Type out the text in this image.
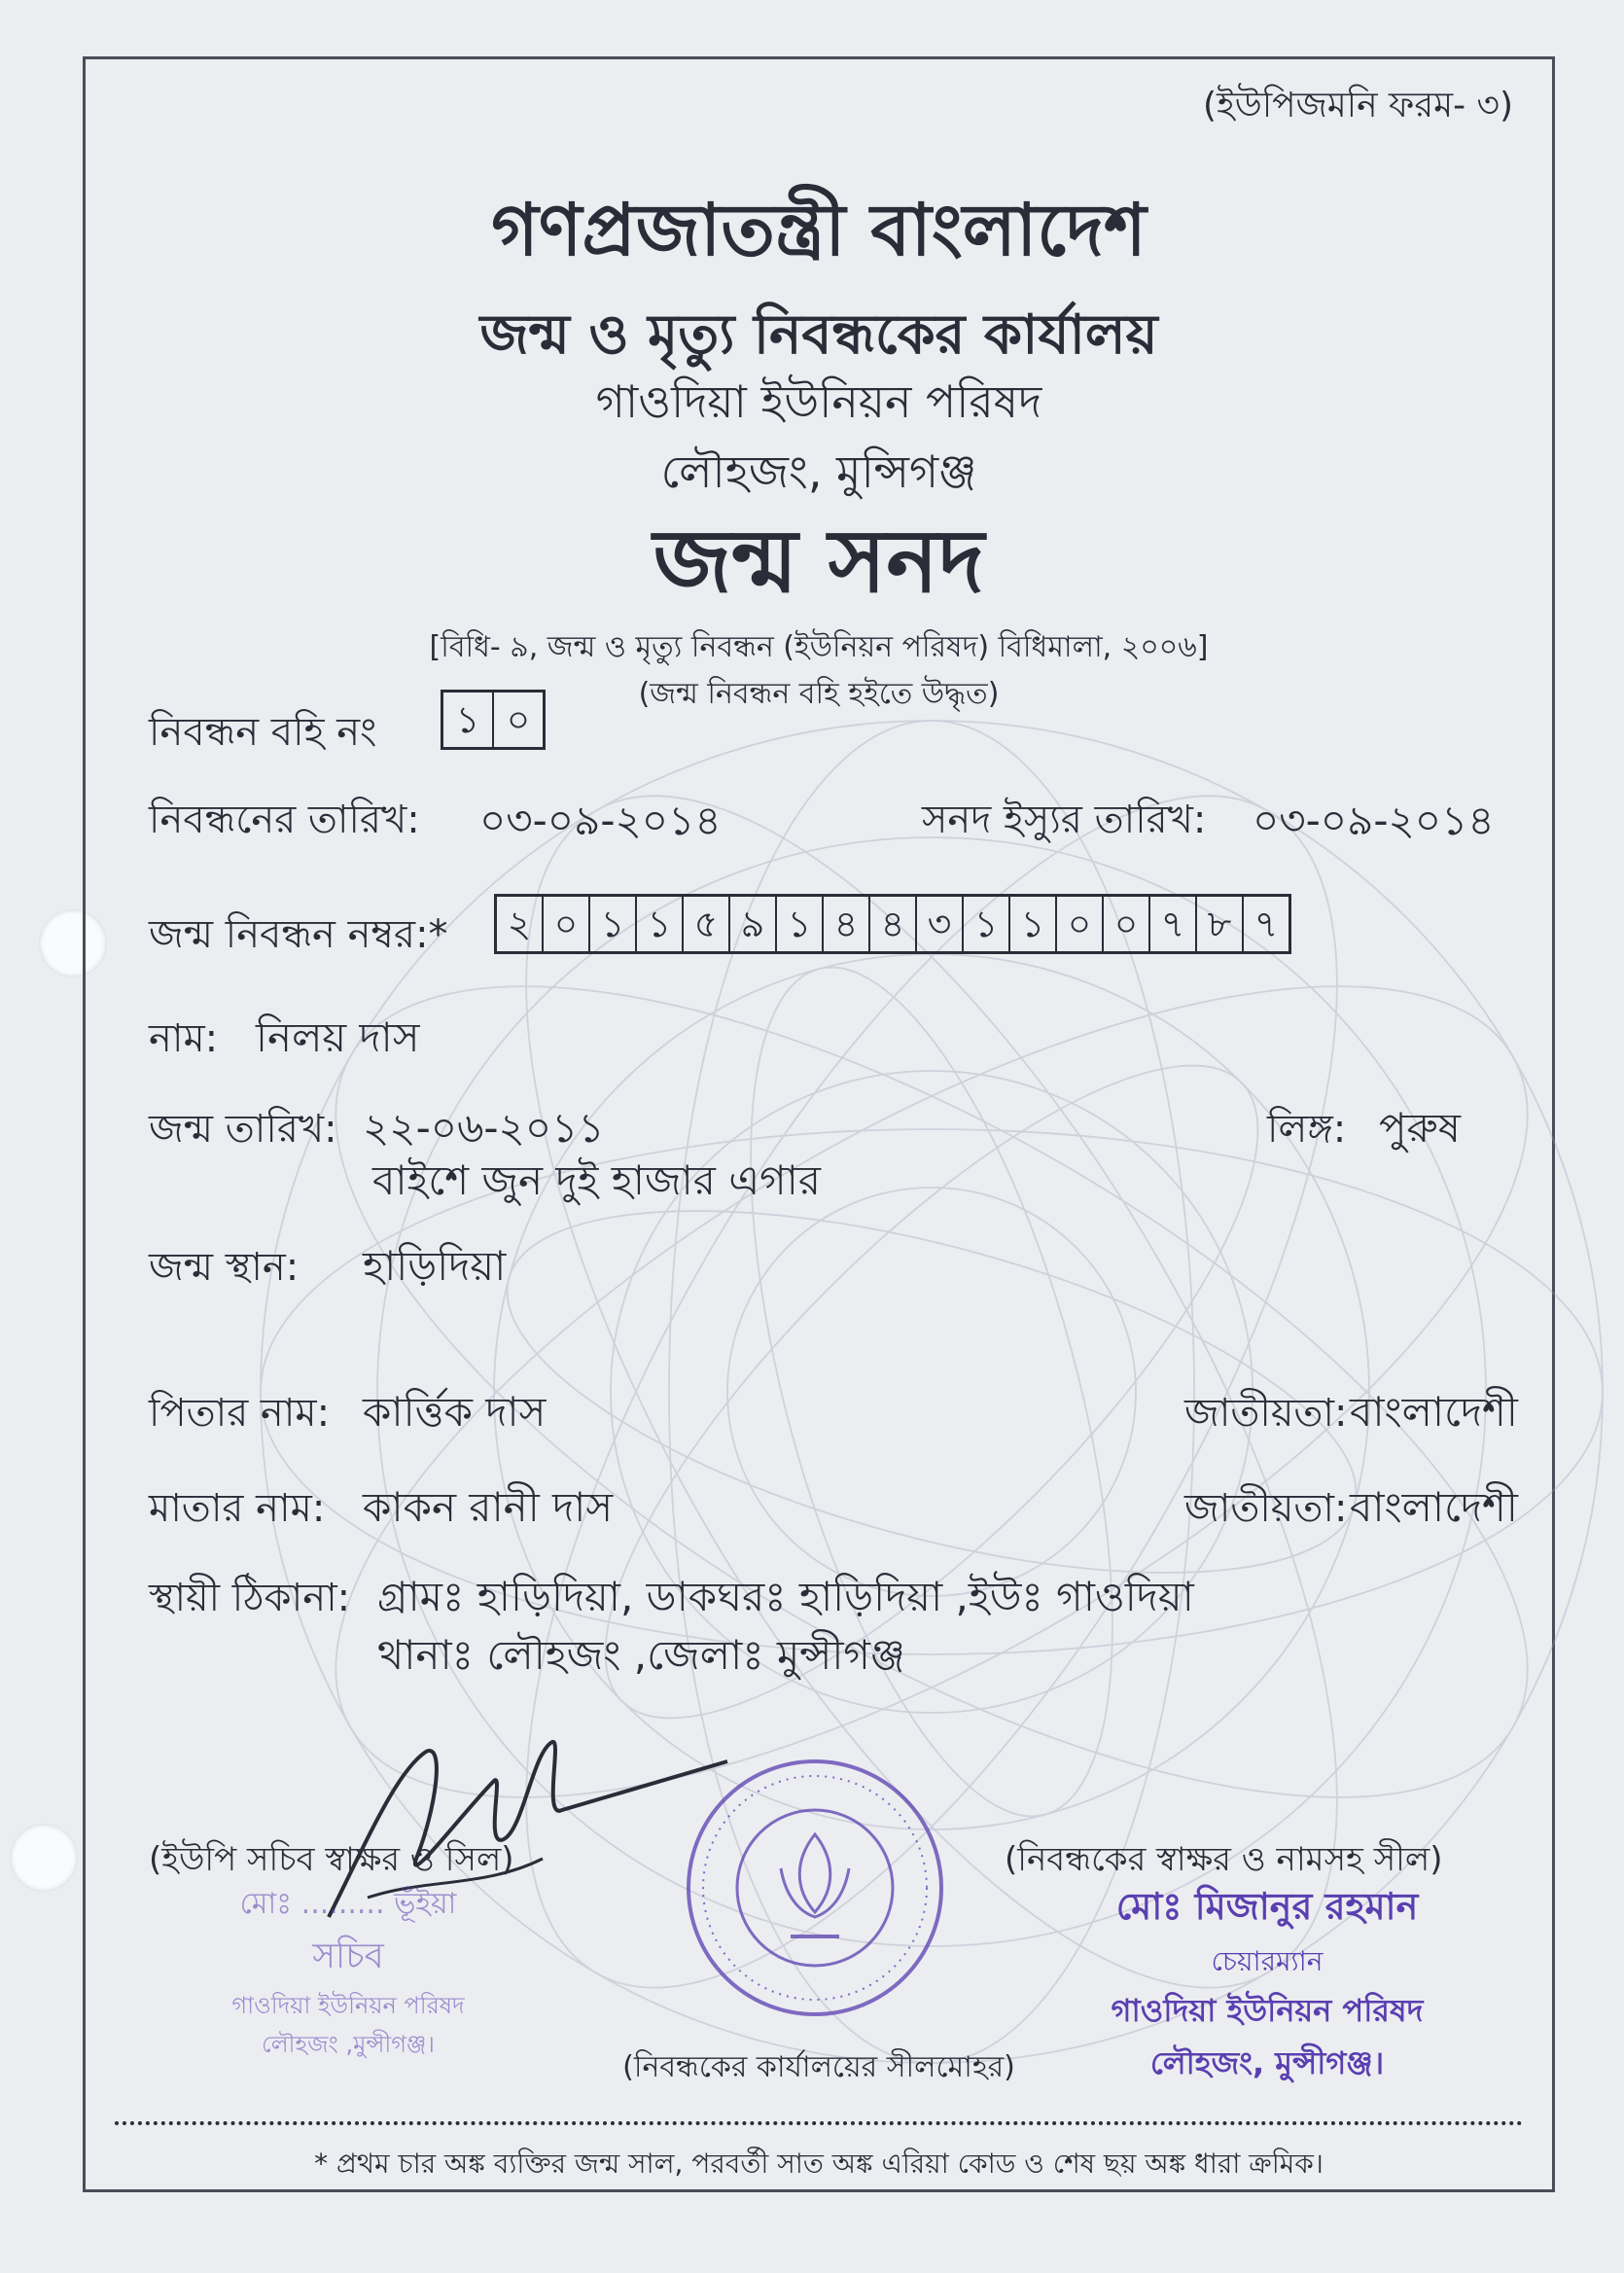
(ইউপিজমনি ফরম- ৩)
গণপ্রজাতন্ত্রী বাংলাদেশ
জন্ম ও মৃত্যু নিবন্ধকের কার্যালয়
গাওদিয়া ইউনিয়ন পরিষদ
লৌহজং, মুন্সিগঞ্জ
জন্ম সনদ
[বিধি- ৯, জন্ম ও মৃত্যু নিবন্ধন (ইউনিয়ন পরিষদ) বিধিমালা, ২০০৬]
(জন্ম নিবন্ধন বহি হইতে উদ্ধৃত)
নিবন্ধন বহি নং	১ ০
নিবন্ধনের তারিখ: ০৩-০৯-২০১৪	সনদ ইস্যুর তারিখ: ০৩-০৯-২০১৪
জন্ম নিবন্ধন নম্বর:* ২ ০ ১ ১ ৫ ৯ ১ ৪ ৪ ৩ ১ ১ ০ ০ ৭ ৮ ৭
নাম: নিলয় দাস
জন্ম তারিখ: ২২-০৬-২০১১
বাইশে জুন দুই হাজার এগার
লিঙ্গ: পুরুষ
জন্ম স্থান: হাড়িদিয়া
পিতার নাম: কার্ত্তিক দাস	জাতীয়তা: বাংলাদেশী
মাতার নাম: কাকন রানী দাস	জাতীয়তা: বাংলাদেশী
স্থায়ী ঠিকানা: গ্রামঃ হাড়িদিয়া, ডাকঘরঃ হাড়িদিয়া ,ইউঃ গাওদিয়া
থানাঃ লৌহজং ,জেলাঃ মুন্সীগঞ্জ
(ইউপি সচিব স্বাক্ষর ও সিল)
মোঃ ......... ভূঁইয়া
সচিব
গাওদিয়া ইউনিয়ন পরিষদ
লৌহজং ,মুন্সীগঞ্জ।
(নিবন্ধকের স্বাক্ষর ও নামসহ সীল)
মোঃ মিজানুর রহমান
চেয়ারম্যান
গাওদিয়া ইউনিয়ন পরিষদ
লৌহজং, মুন্সীগঞ্জ।
(নিবন্ধকের কার্যালয়ের সীলমোহর)
* প্রথম চার অঙ্ক ব্যক্তির জন্ম সাল, পরবর্তী সাত অঙ্ক এরিয়া কোড ও শেষ ছয় অঙ্ক ধারা ক্রমিক।
